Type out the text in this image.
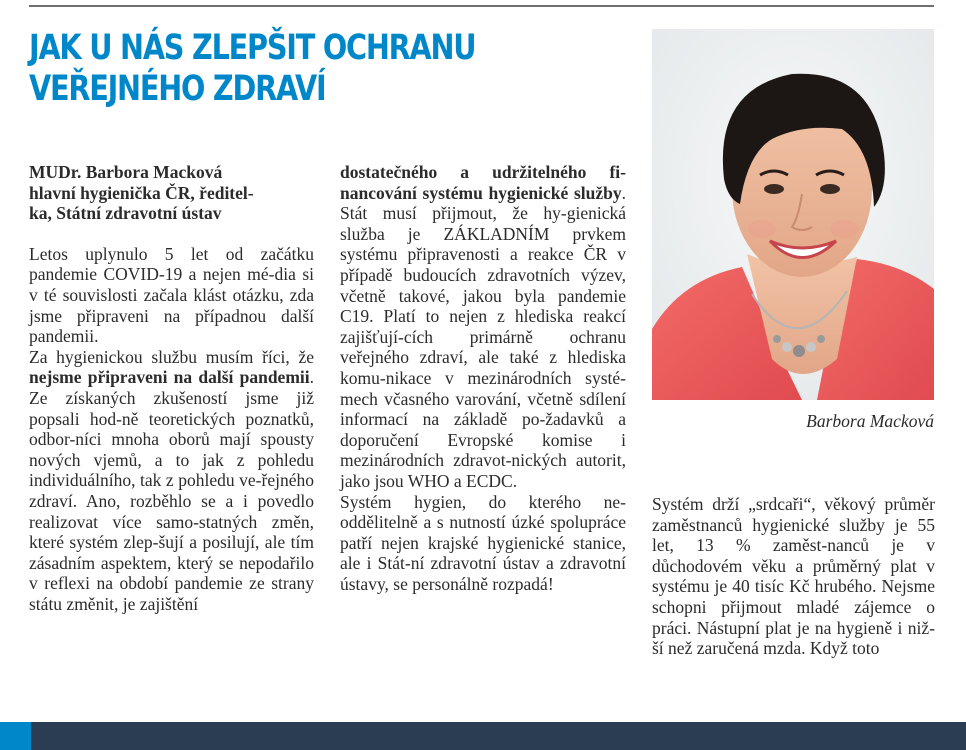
JAK U NÁS ZLEPŠIT OCHRANU
VEŘEJNÉHO ZDRAVÍ

MUDr. Barbora Macková
hlavní hygienička ČR, ředitel-
ka, Státní zdravotní ústav

Letos uplynulo 5 let od začátku pandemie COVID-19 a nejen mé-dia si v té souvislosti začala klást otázku, zda jsme připraveni na případnou další pandemii.

Za hygienickou službu musím říci, že nejsme připraveni na další pandemii. Ze získaných zkušeností jsme již popsali hod-ně teoretických poznatků, odbor-níci mnoha oborů mají spousty nových vjemů, a to jak z pohledu individuálního, tak z pohledu ve-řejného zdraví. Ano, rozběhlo se a i povedlo realizovat více samo-statných změn, které systém zlep-šují a posilují, ale tím zásadním aspektem, který se nepodařilo v reflexi na období pandemie ze strany státu změnit, je zajištění

dostatečného a udržitelného fi-nancování systému hygienické služby. Stát musí přijmout, že hy-gienická služba je ZÁKLADNÍM prvkem systému připravenosti a reakce ČR v případě budoucích zdravotních výzev, včetně takové, jakou byla pandemie C19. Platí to nejen z hlediska reakcí zajišťují-cích primárně ochranu veřejného zdraví, ale také z hlediska komu-nikace v mezinárodních systé-mech včasného varování, včetně sdílení informací na základě po-žadavků a doporučení Evropské komise i mezinárodních zdravot-nických autorit, jako jsou WHO a ECDC.

Systém hygien, do kterého ne-oddělitelně a s nutností úzké spolupráce patří nejen krajské hygienické stanice, ale i Stát-ní zdravotní ústav a zdravotní ústavy, se personálně rozpadá!

Barbora Macková

Systém drží „srdcaři“, věkový průměr zaměstnanců hygienické služby je 55 let, 13 % zaměst-nanců je v důchodovém věku a průměrný plat v systému je 40 tisíc Kč hrubého. Nejsme schopni přijmout mladé zájemce o práci. Nástupní plat je na hygieně i niž-ší než zaručená mzda. Když toto
